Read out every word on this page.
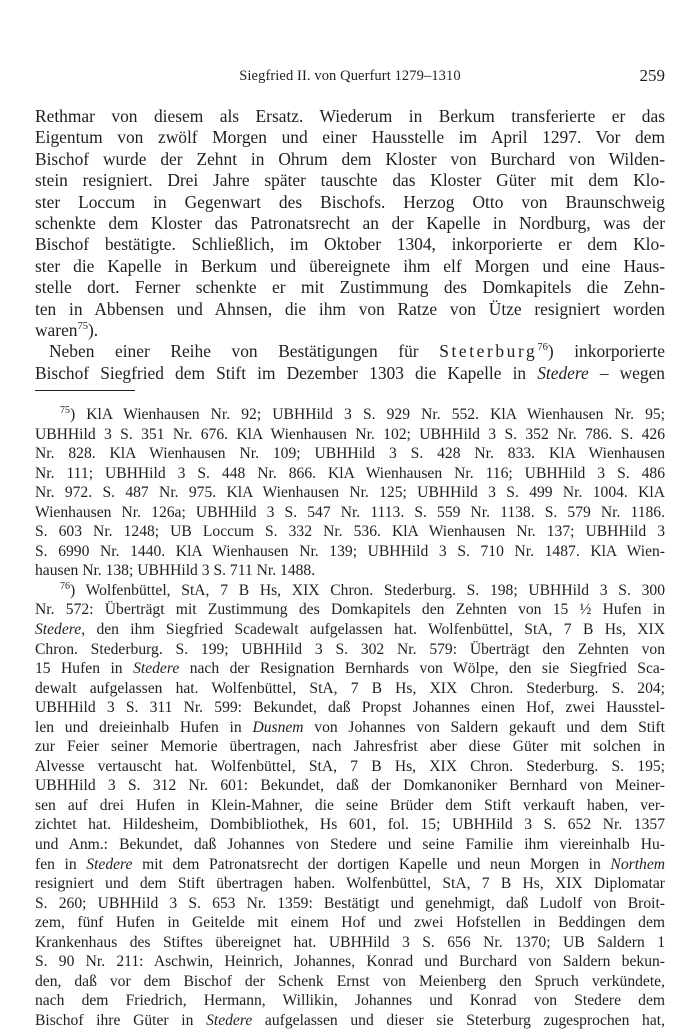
Siegfried II. von Querfurt 1279–1310	259
Rethmar von diesem als Ersatz. Wiederum in Berkum transferierte er das
Eigentum von zwölf Morgen und einer Hausstelle im April 1297. Vor dem
Bischof wurde der Zehnt in Ohrum dem Kloster von Burchard von Wilden-
stein resigniert. Drei Jahre später tauschte das Kloster Güter mit dem Klo-
ster Loccum in Gegenwart des Bischofs. Herzog Otto von Braunschweig
schenkte dem Kloster das Patronatsrecht an der Kapelle in Nordburg, was der
Bischof bestätigte. Schließlich, im Oktober 1304, inkorporierte er dem Klo-
ster die Kapelle in Berkum und übereignete ihm elf Morgen und eine Haus-
stelle dort. Ferner schenkte er mit Zustimmung des Domkapitels die Zehn-
ten in Abbensen und Ahnsen, die ihm von Ratze von Ütze resigniert worden
waren$^{75}$).
Neben einer Reihe von Bestätigungen für Steterburg$^{76}$) inkorporierte
Bischof Siegfried dem Stift im Dezember 1303 die Kapelle in Stedere – wegen
$^{75}$) KlA Wienhausen Nr. 92; UBHHild 3 S. 929 Nr. 552. KlA Wienhausen Nr. 95;
UBHHild 3 S. 351 Nr. 676. KlA Wienhausen Nr. 102; UBHHild 3 S. 352 Nr. 786. S. 426
Nr. 828. KlA Wienhausen Nr. 109; UBHHild 3 S. 428 Nr. 833. KlA Wienhausen
Nr. 111; UBHHild 3 S. 448 Nr. 866. KlA Wienhausen Nr. 116; UBHHild 3 S. 486
Nr. 972. S. 487 Nr. 975. KlA Wienhausen Nr. 125; UBHHild 3 S. 499 Nr. 1004. KlA
Wienhausen Nr. 126a; UBHHild 3 S. 547 Nr. 1113. S. 559 Nr. 1138. S. 579 Nr. 1186.
S. 603 Nr. 1248; UB Loccum S. 332 Nr. 536. KlA Wienhausen Nr. 137; UBHHild 3
S. 6990 Nr. 1440. KlA Wienhausen Nr. 139; UBHHild 3 S. 710 Nr. 1487. KlA Wien-
hausen Nr. 138; UBHHild 3 S. 711 Nr. 1488.
$^{76}$) Wolfenbüttel, StA, 7 B Hs, XIX Chron. Stederburg. S. 198; UBHHild 3 S. 300
Nr. 572: Überträgt mit Zustimmung des Domkapitels den Zehnten von 15 ½ Hufen in
Stedere, den ihm Siegfried Scadewalt aufgelassen hat. Wolfenbüttel, StA, 7 B Hs, XIX
Chron. Stederburg. S. 199; UBHHild 3 S. 302 Nr. 579: Überträgt den Zehnten von
15 Hufen in Stedere nach der Resignation Bernhards von Wölpe, den sie Siegfried Sca-
dewalt aufgelassen hat. Wolfenbüttel, StA, 7 B Hs, XIX Chron. Stederburg. S. 204;
UBHHild 3 S. 311 Nr. 599: Bekundet, daß Propst Johannes einen Hof, zwei Hausstel-
len und dreieinhalb Hufen in Dusnem von Johannes von Saldern gekauft und dem Stift
zur Feier seiner Memorie übertragen, nach Jahresfrist aber diese Güter mit solchen in
Alvesse vertauscht hat. Wolfenbüttel, StA, 7 B Hs, XIX Chron. Stederburg. S. 195;
UBHHild 3 S. 312 Nr. 601: Bekundet, daß der Domkanoniker Bernhard von Meiner-
sen auf drei Hufen in Klein-Mahner, die seine Brüder dem Stift verkauft haben, ver-
zichtet hat. Hildesheim, Dombibliothek, Hs 601, fol. 15; UBHHild 3 S. 652 Nr. 1357
und Anm.: Bekundet, daß Johannes von Stedere und seine Familie ihm viereinhalb Hu-
fen in Stedere mit dem Patronatsrecht der dortigen Kapelle und neun Morgen in Northem
resigniert und dem Stift übertragen haben. Wolfenbüttel, StA, 7 B Hs, XIX Diplomatar
S. 260; UBHHild 3 S. 653 Nr. 1359: Bestätigt und genehmigt, daß Ludolf von Broit-
zem, fünf Hufen in Geitelde mit einem Hof und zwei Hofstellen in Beddingen dem
Krankenhaus des Stiftes übereignet hat. UBHHild 3 S. 656 Nr. 1370; UB Saldern 1
S. 90 Nr. 211: Aschwin, Heinrich, Johannes, Konrad und Burchard von Saldern bekun-
den, daß vor dem Bischof der Schenk Ernst von Meienberg den Spruch verkündete,
nach dem Friedrich, Hermann, Willikin, Johannes und Konrad von Stedere dem
Bischof ihre Güter in Stedere aufgelassen und dieser sie Steterburg zugesprochen hat,
